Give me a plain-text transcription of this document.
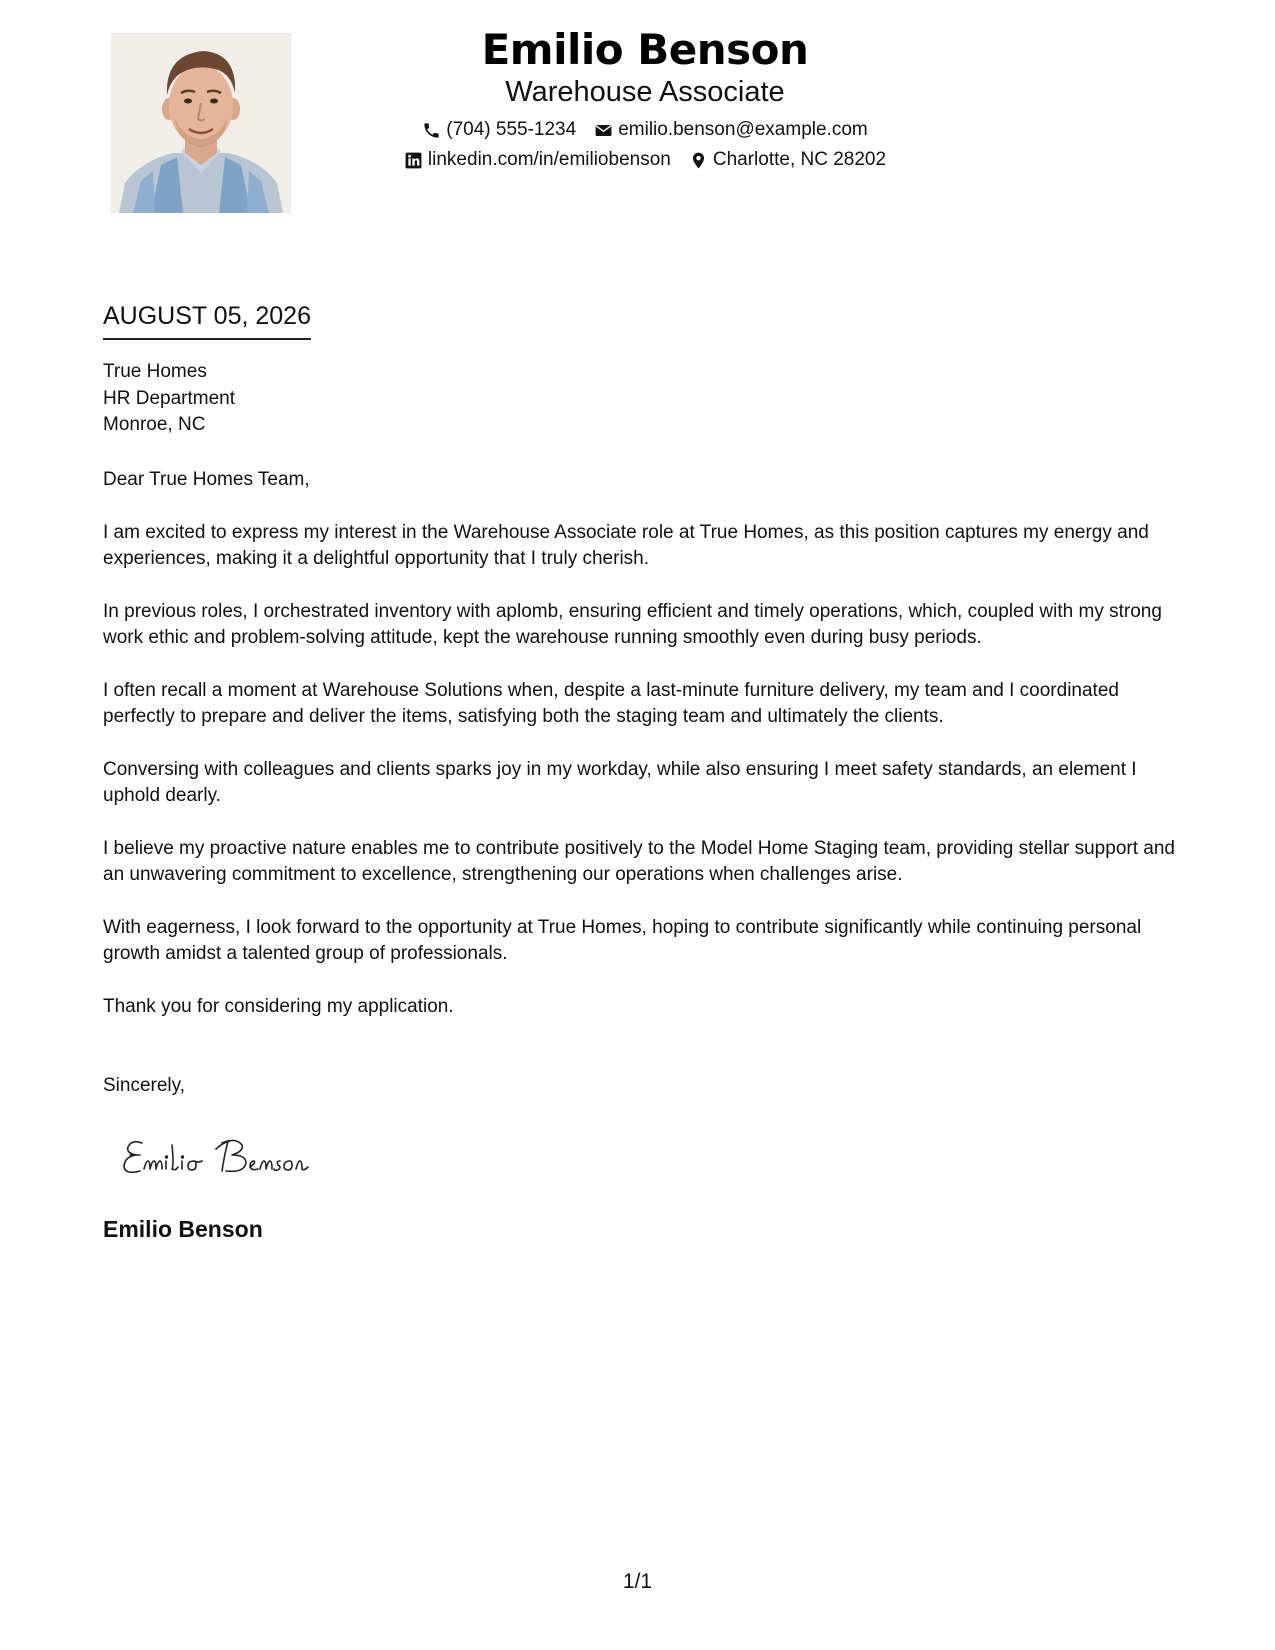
Emilio Benson
Warehouse Associate
(704) 555-1234 emilio.benson@example.com
linkedin.com/in/emiliobenson Charlotte, NC 28202
AUGUST 05, 2026
True Homes
HR Department
Monroe, NC

Dear True Homes Team,

I am excited to express my interest in the Warehouse Associate role at True Homes, as this position captures my energy and experiences, making it a delightful opportunity that I truly cherish.

In previous roles, I orchestrated inventory with aplomb, ensuring efficient and timely operations, which, coupled with my strong work ethic and problem-solving attitude, kept the warehouse running smoothly even during busy periods.

I often recall a moment at Warehouse Solutions when, despite a last-minute furniture delivery, my team and I coordinated perfectly to prepare and deliver the items, satisfying both the staging team and ultimately the clients.

Conversing with colleagues and clients sparks joy in my workday, while also ensuring I meet safety standards, an element I uphold dearly.

I believe my proactive nature enables me to contribute positively to the Model Home Staging team, providing stellar support and an unwavering commitment to excellence, strengthening our operations when challenges arise.

With eagerness, I look forward to the opportunity at True Homes, hoping to contribute significantly while continuing personal growth amidst a talented group of professionals.

Thank you for considering my application.

Sincerely,
Emilio Benson
1/1
